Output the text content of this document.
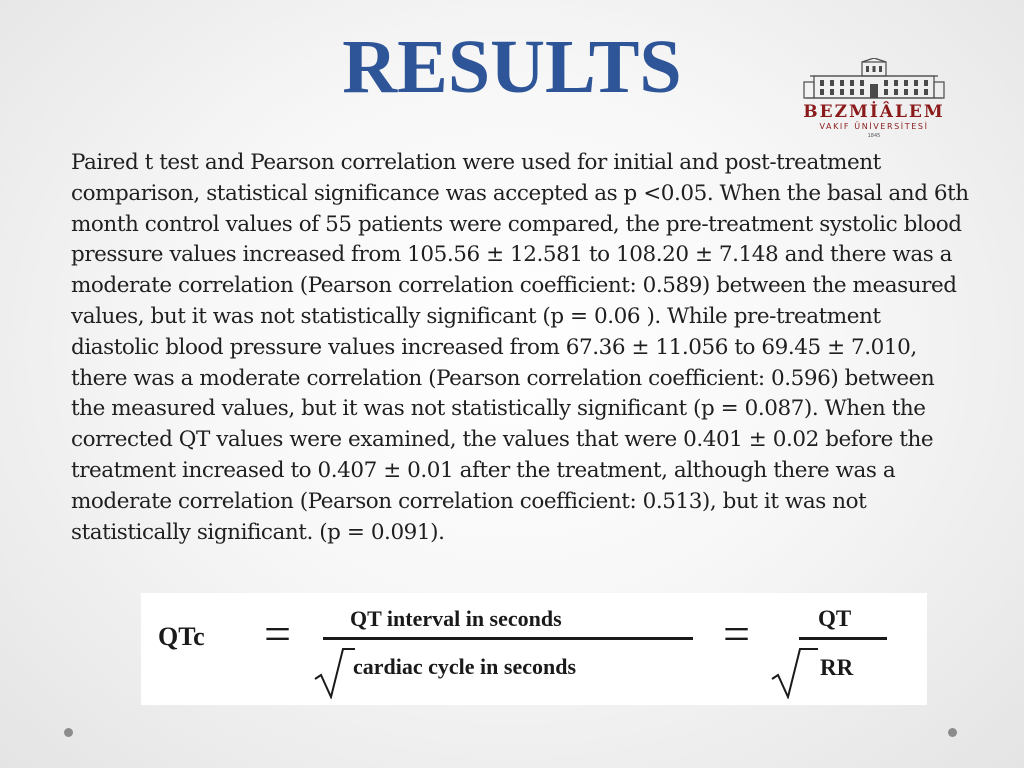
RESULTS
BEZMİÂLEM
VAKIF ÜNİVERSİTESİ
1845

Paired t test and Pearson correlation were used for initial and post-treatment comparison, statistical significance was accepted as p <0.05. When the basal and 6th month control values of 55 patients were compared, the pre-treatment systolic blood pressure values increased from 105.56 ± 12.581 to 108.20 ± 7.148 and there was a moderate correlation (Pearson correlation coefficient: 0.589) between the measured values, but it was not statistically significant (p = 0.06 ). While pre-treatment diastolic blood pressure values increased from 67.36 ± 11.056 to 69.45 ± 7.010, there was a moderate correlation (Pearson correlation coefficient: 0.596) between the measured values, but it was not statistically significant (p = 0.087). When the corrected QT values were examined, the values that were 0.401 ± 0.02 before the treatment increased to 0.407 ± 0.01 after the treatment, although there was a moderate correlation (Pearson correlation coefficient: 0.513), but it was not statistically significant. (p = 0.091).

QTc =	QT interval in seconds
cardiac cycle in seconds
=	QT
RR
